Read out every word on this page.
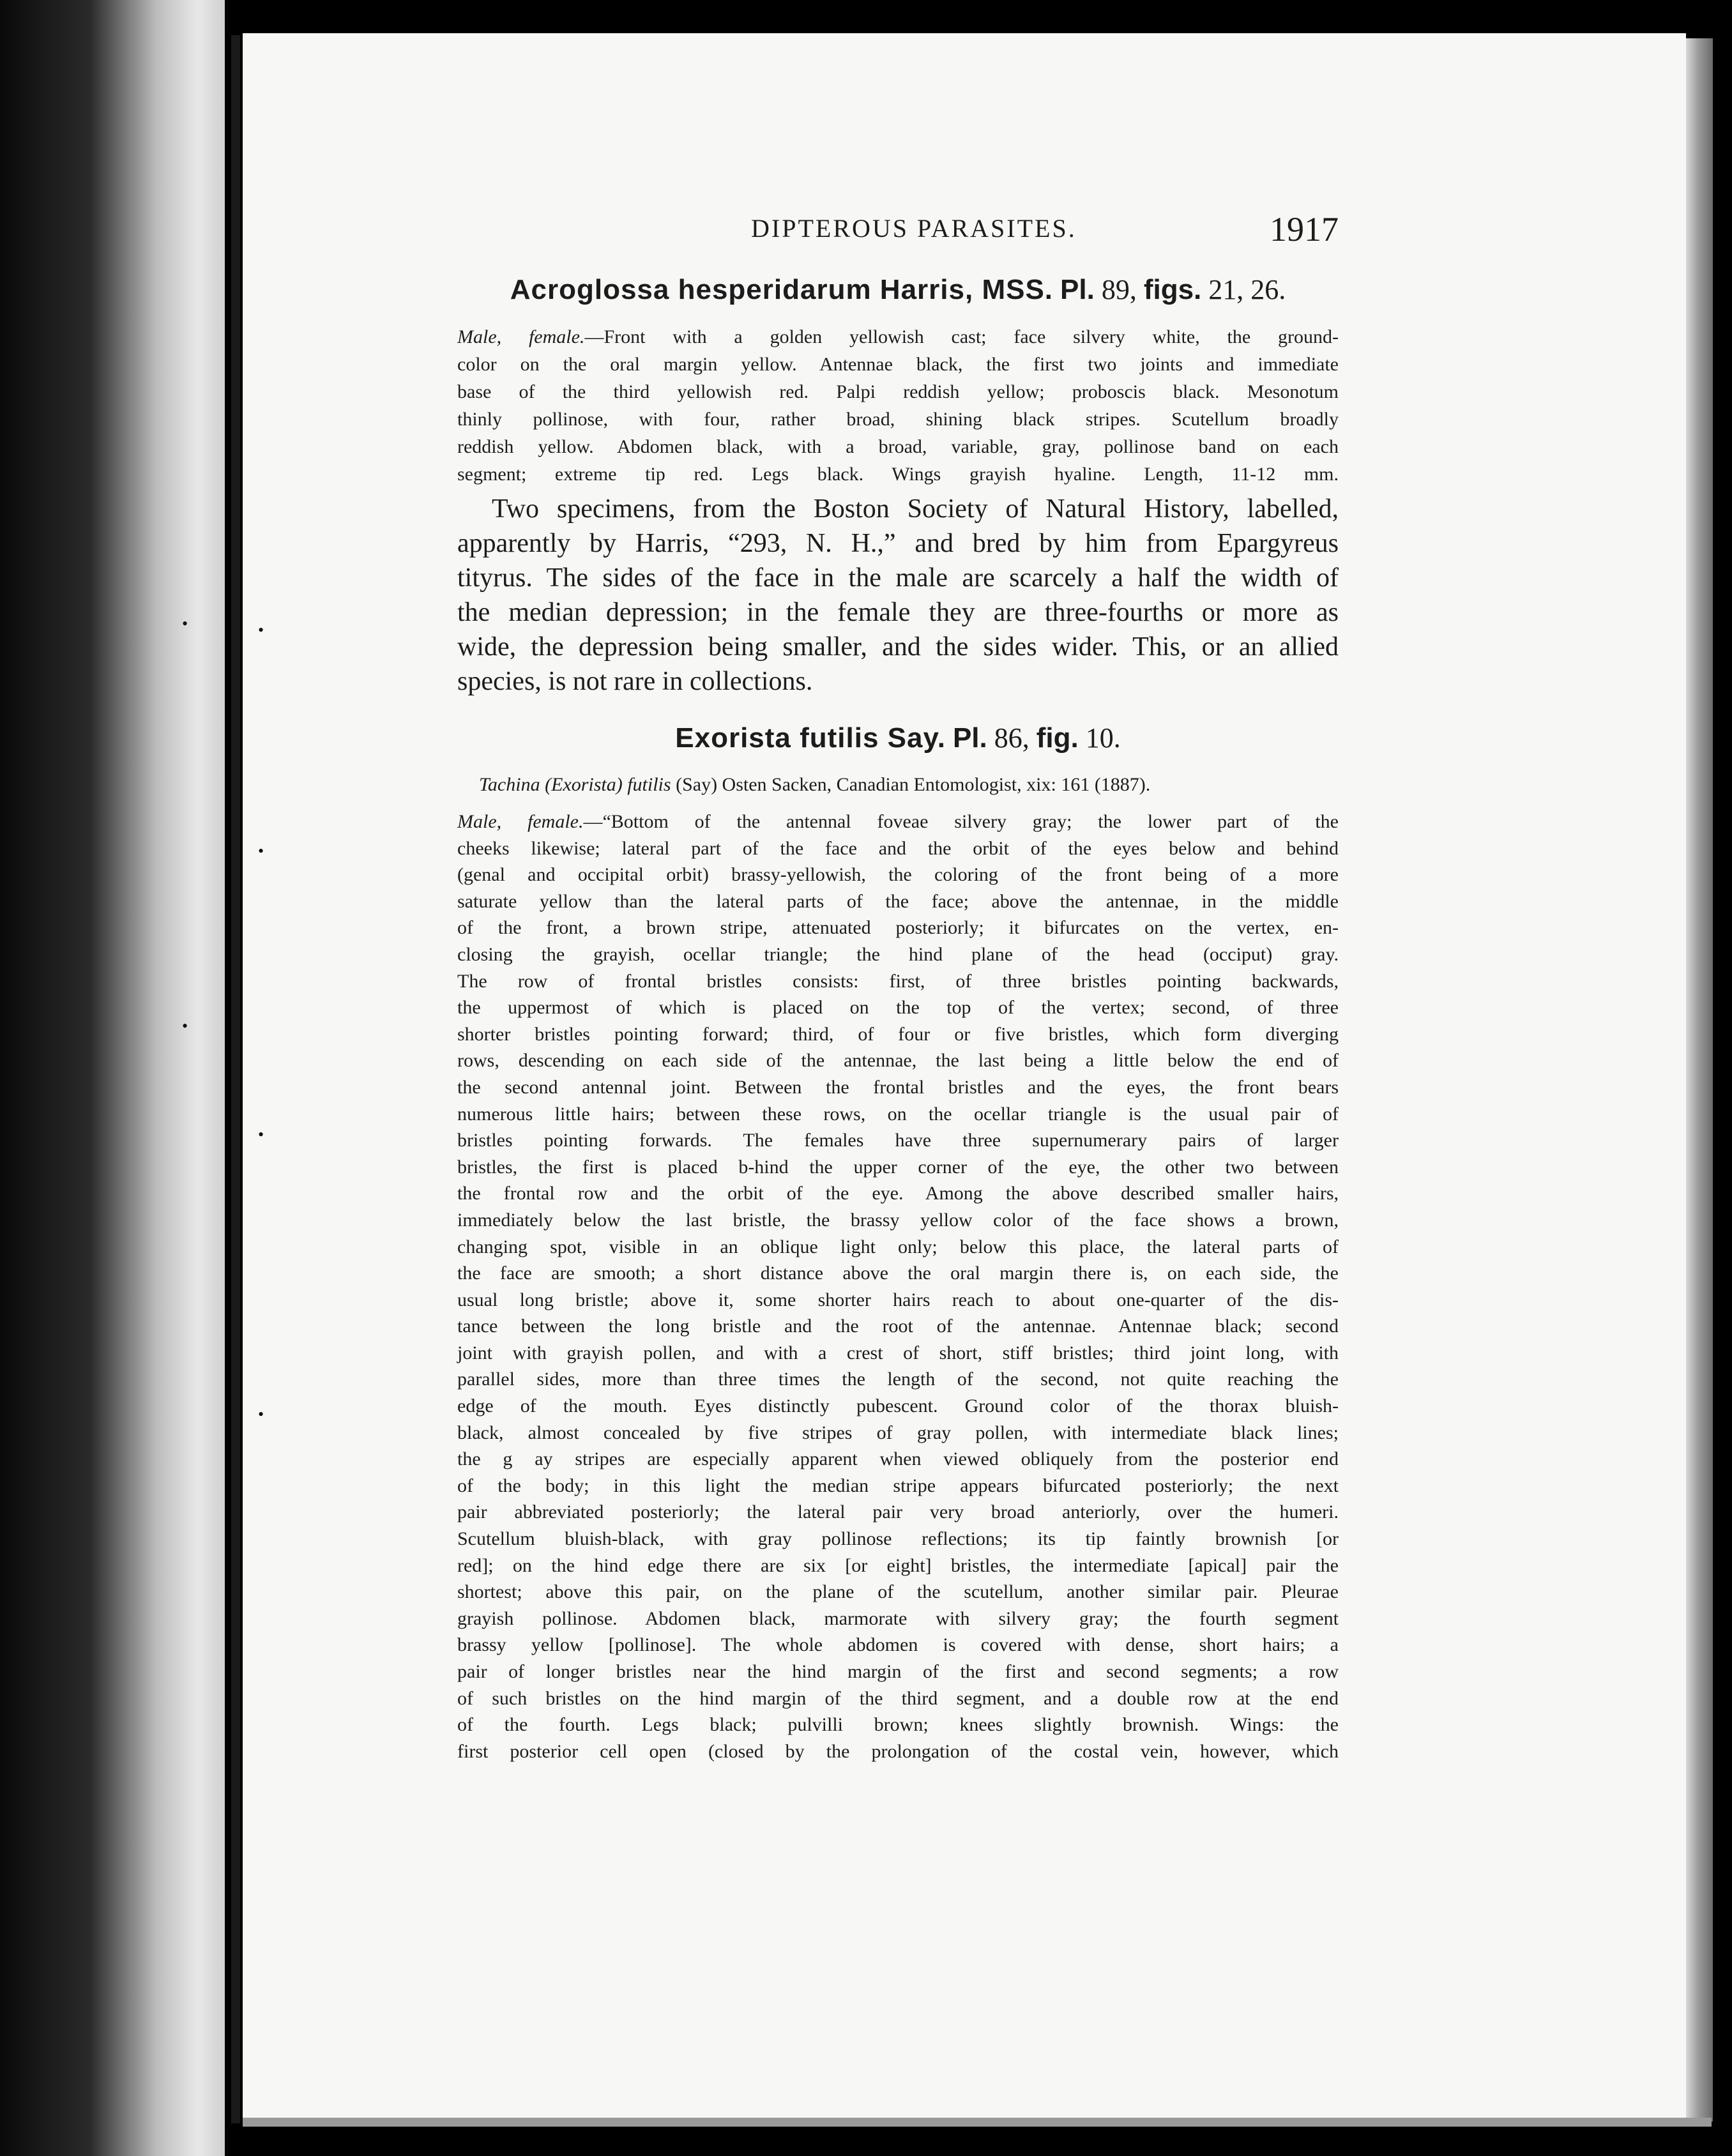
•	•
•
•
•
•
DIPTEROUS PARASITES.	1917
Acroglossa hesperidarum Harris, MSS. Pl. 89, figs. 21, 26.
Male, female.—Front with a golden yellowish cast; face silvery white, the ground-
color on the oral margin yellow. Antennae black, the first two joints and immediate
base of the third yellowish red. Palpi reddish yellow; proboscis black. Mesonotum
thinly pollinose, with four, rather broad, shining black stripes. Scutellum broadly
reddish yellow. Abdomen black, with a broad, variable, gray, pollinose band on each
segment; extreme tip red. Legs black. Wings grayish hyaline. Length, 11-12 mm.
Two specimens, from the Boston Society of Natural History, labelled,
apparently by Harris, “293, N. H.,” and bred by him from Epargyreus
tityrus. The sides of the face in the male are scarcely a half the width of
the median depression; in the female they are three-fourths or more as
wide, the depression being smaller, and the sides wider. This, or an allied
species, is not rare in collections.
Exorista futilis Say. Pl. 86, fig. 10.
Tachina (Exorista) futilis (Say) Osten Sacken, Canadian Entomologist, xix: 161 (1887).
Male, female.—“Bottom of the antennal foveae silvery gray; the lower part of the
cheeks likewise; lateral part of the face and the orbit of the eyes below and behind
(genal and occipital orbit) brassy-yellowish, the coloring of the front being of a more
saturate yellow than the lateral parts of the face; above the antennae, in the middle
of the front, a brown stripe, attenuated posteriorly; it bifurcates on the vertex, en-
closing the grayish, ocellar triangle; the hind plane of the head (occiput) gray.
The row of frontal bristles consists: first, of three bristles pointing backwards,
the uppermost of which is placed on the top of the vertex; second, of three
shorter bristles pointing forward; third, of four or five bristles, which form diverging
rows, descending on each side of the antennae, the last being a little below the end of
the second antennal joint. Between the frontal bristles and the eyes, the front bears
numerous little hairs; between these rows, on the ocellar triangle is the usual pair of
bristles pointing forwards. The females have three supernumerary pairs of larger
bristles, the first is placed b-hind the upper corner of the eye, the other two between
the frontal row and the orbit of the eye. Among the above described smaller hairs,
immediately below the last bristle, the brassy yellow color of the face shows a brown,
changing spot, visible in an oblique light only; below this place, the lateral parts of
the face are smooth; a short distance above the oral margin there is, on each side, the
usual long bristle; above it, some shorter hairs reach to about one-quarter of the dis-
tance between the long bristle and the root of the antennae. Antennae black; second
joint with grayish pollen, and with a crest of short, stiff bristles; third joint long, with
parallel sides, more than three times the length of the second, not quite reaching the
edge of the mouth. Eyes distinctly pubescent. Ground color of the thorax bluish-
black, almost concealed by five stripes of gray pollen, with intermediate black lines;
the g ay stripes are especially apparent when viewed obliquely from the posterior end
of the body; in this light the median stripe appears bifurcated posteriorly; the next
pair abbreviated posteriorly; the lateral pair very broad anteriorly, over the humeri.
Scutellum bluish-black, with gray pollinose reflections; its tip faintly brownish [or
red]; on the hind edge there are six [or eight] bristles, the intermediate [apical] pair the
shortest; above this pair, on the plane of the scutellum, another similar pair. Pleurae
grayish pollinose. Abdomen black, marmorate with silvery gray; the fourth segment
brassy yellow [pollinose]. The whole abdomen is covered with dense, short hairs; a
pair of longer bristles near the hind margin of the first and second segments; a row
of such bristles on the hind margin of the third segment, and a double row at the end
of the fourth. Legs black; pulvilli brown; knees slightly brownish. Wings: the
first posterior cell open (closed by the prolongation of the costal vein, however, which
